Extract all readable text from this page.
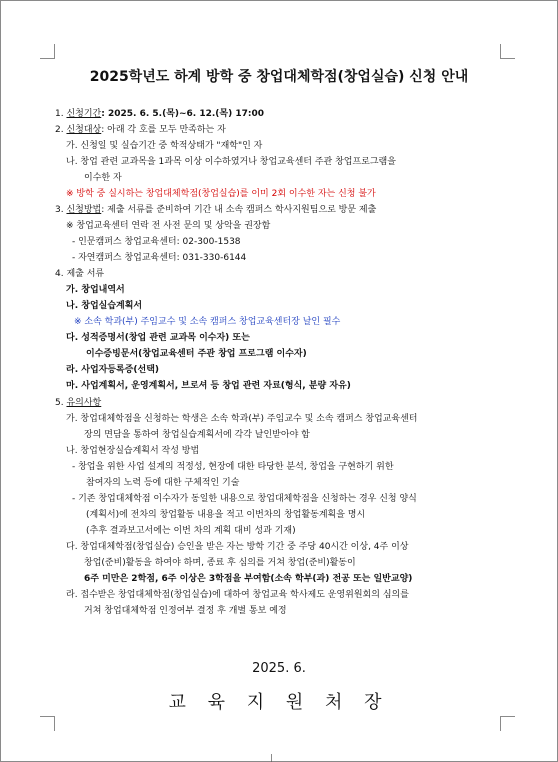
|
2025학년도 하계 방학 중 창업대체학점(창업실습) 신청 안내
1. 신청기간: 2025. 6. 5.(목)~6. 12.(목) 17:00
2. 신청대상: 아래 각 호를 모두 만족하는 자
가. 신청일 및 실습기간 중 학적상태가 "재학"인 자
나. 창업 관련 교과목을 1과목 이상 이수하였거나 창업교육센터 주관 창업프로그램을
이수한 자
※ 방학 중 실시하는 창업대체학점(창업실습)를 이미 2회 이수한 자는 신청 불가
3. 신청방법: 제출 서류를 준비하여 기간 내 소속 캠퍼스 학사지원팀으로 방문 제출
※ 창업교육센터 연락 전 사전 문의 및 상악을 권장함
- 인문캠퍼스 창업교육센터: 02-300-1538
- 자연캠퍼스 창업교육센터: 031-330-6144
4. 제출 서류
가. 창업내역서
나. 창업실습계획서
※ 소속 학과(부) 주임교수 및 소속 캠퍼스 창업교육센터장 날인 필수
다. 성적증명서(창업 관련 교과목 이수자) 또는
이수증빙문서(창업교육센터 주관 창업 프로그램 이수자)
라. 사업자등록증(선택)
마. 사업계획서, 운영계획서, 브로셔 등 창업 관련 자료(형식, 분량 자유)
5. 유의사항
가. 창업대체학점을 신청하는 학생은 소속 학과(부) 주임교수 및 소속 캠퍼스 창업교육센터
장의 면담을 통하여 창업실습계획서에 각각 날인받아야 함
나. 창업현장실습계획서 작성 방법
- 창업을 위한 사업 설계의 적정성, 현장에 대한 타당한 분석, 창업을 구현하기 위한
참여자의 노력 등에 대한 구체적인 기술
- 기존 창업대체학점 이수자가 동일한 내용으로 창업대체학점을 신청하는 경우 신청 양식
(계획서)에 전차의 창업활동 내용을 적고 이번차의 창업활동계획을 명시
(추후 결과보고서에는 이번 차의 계획 대비 성과 기재)
다. 창업대체학점(창업실습) 승인을 받은 자는 방학 기간 중 주당 40시간 이상, 4주 이상
창업(준비)활동을 하여야 하며, 종료 후 심의를 거쳐 창업(준비)활동이
6주 미만은 2학점, 6주 이상은 3학점을 부여함(소속 학부(과) 전공 또는 일반교양)
라. 접수받은 창업대체학점(창업실습)에 대하여 창업교육 학사제도 운영위원회의 심의를
거쳐 창업대체학점 인정여부 결정 후 개별 통보 예정
2025. 6.
교 육 지 원 처 장
